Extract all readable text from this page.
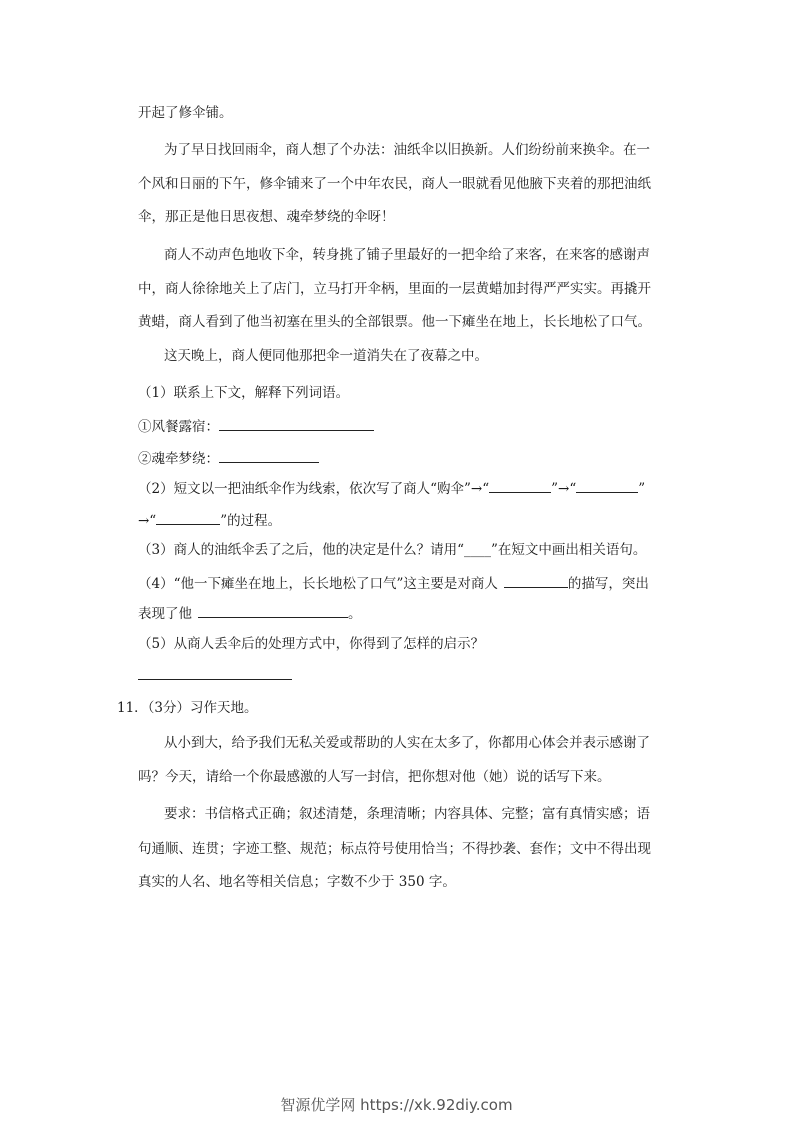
开起了修伞铺。
为了早日找回雨伞，商人想了个办法：油纸伞以旧换新。人们纷纷前来换伞。在一
个风和日丽的下午，修伞铺来了一个中年农民，商人一眼就看见他腋下夹着的那把油纸
伞，那正是他日思夜想、魂牵梦绕的伞呀！
商人不动声色地收下伞，转身挑了铺子里最好的一把伞给了来客，在来客的感谢声
中，商人徐徐地关上了店门，立马打开伞柄，里面的一层黄蜡加封得严严实实。再撬开
黄蜡，商人看到了他当初塞在里头的全部银票。他一下瘫坐在地上，长长地松了口气。
这天晚上，商人便同他那把伞一道消失在了夜幕之中。
（1）联系上下文，解释下列词语。
①风餐露宿：
②魂牵梦绕：
（2）短文以一把油纸伞作为线索，依次写了商人“购伞”→“	”→“	”
→“	”的过程。
（3）商人的油纸伞丢了之后，他的决定是什么？请用“____”在短文中画出相关语句。
（4）“他一下瘫坐在地上，长长地松了口气”这主要是对商人	的描写，突出
表现了他	。
（5）从商人丢伞后的处理方式中，你得到了怎样的启示？
11．（3分）习作天地。
从小到大，给予我们无私关爱或帮助的人实在太多了，你都用心体会并表示感谢了
吗？今天，请给一个你最感激的人写一封信，把你想对他（她）说的话写下来。
要求：书信格式正确；叙述清楚，条理清晰；内容具体、完整；富有真情实感；语
句通顺、连贯；字迹工整、规范；标点符号使用恰当；不得抄袭、套作；文中不得出现
真实的人名、地名等相关信息；字数不少于 350 字。
智源优学网 https://xk.92diy.com
